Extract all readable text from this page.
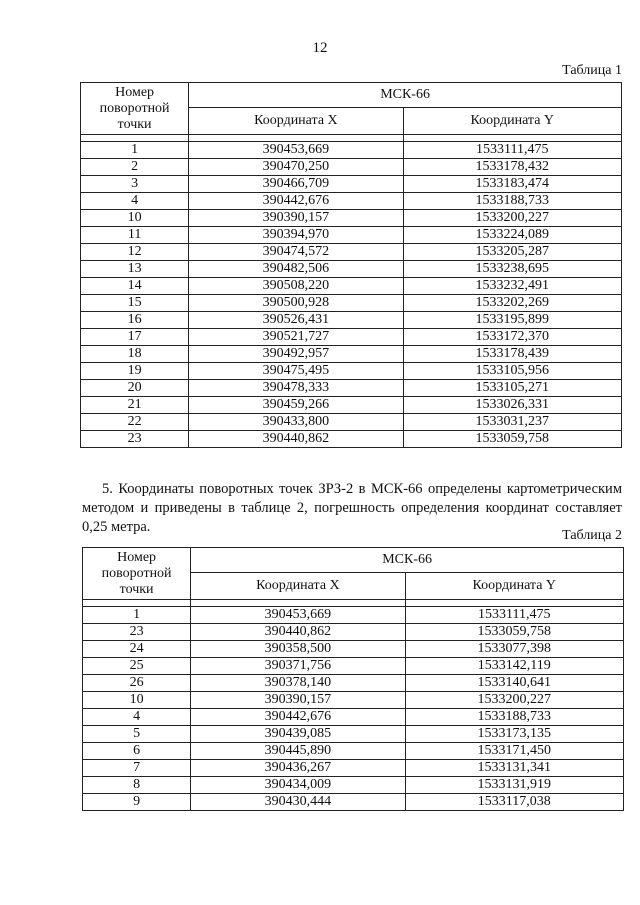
12
Таблица 1
Номер
поворотной
точки	МСК-66	
	Координата X	Координата Y

1	390453,669	1533111,475
2	390470,250	1533178,432
3	390466,709	1533183,474
4	390442,676	1533188,733
10	390390,157	1533200,227
11	390394,970	1533224,089
12	390474,572	1533205,287
13	390482,506	1533238,695
14	390508,220	1533232,491
15	390500,928	1533202,269
16	390526,431	1533195,899
17	390521,727	1533172,370
18	390492,957	1533178,439
19	390475,495	1533105,956
20	390478,333	1533105,271
21	390459,266	1533026,331
22	390433,800	1533031,237
23	390440,862	1533059,758
5. Координаты поворотных точек ЗРЗ-2 в МСК-66 определены картометрическим методом и приведены в таблице 2, погрешность определения координат составляет 0,25 метра.
Таблица 2
Номер
поворотной
точки	МСК-66	
	Координата X	Координата Y

1	390453,669	1533111,475
23	390440,862	1533059,758
24	390358,500	1533077,398
25	390371,756	1533142,119
26	390378,140	1533140,641
10	390390,157	1533200,227
4	390442,676	1533188,733
5	390439,085	1533173,135
6	390445,890	1533171,450
7	390436,267	1533131,341
8	390434,009	1533131,919
9	390430,444	1533117,038
